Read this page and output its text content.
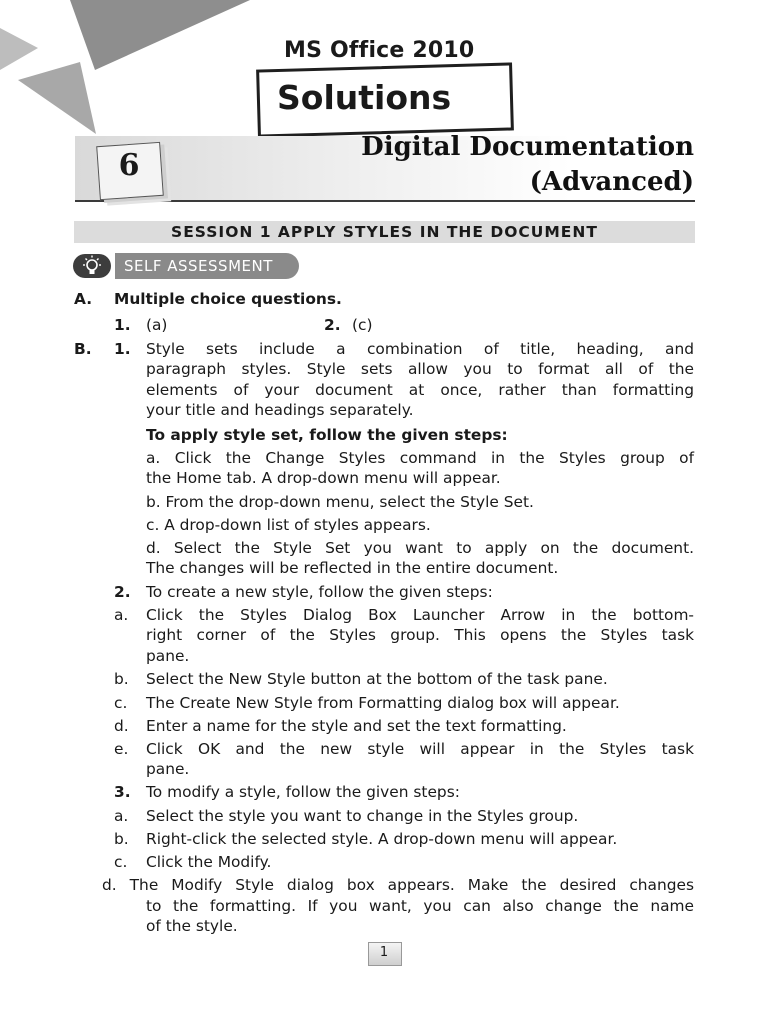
MS Office 2010
Solutions
6
Digital Documentation
(Advanced)
SESSION 1 APPLY STYLES IN THE DOCUMENT
SELF ASSESSMENT
A. Multiple choice questions.
1. (a)	2. (c)
B. 1. Style sets include a combination of title, heading, and
paragraph styles. Style sets allow you to format all of the
elements of your document at once, rather than formatting
your title and headings separately.
To apply style set, follow the given steps:
a. Click the Change Styles command in the Styles group of
the Home tab. A drop-down menu will appear.
b. From the drop-down menu, select the Style Set.
c. A drop-down list of styles appears.
d. Select the Style Set you want to apply on the document.
The changes will be reflected in the entire document.
2. To create a new style, follow the given steps:
a. Click the Styles Dialog Box Launcher Arrow in the bottom-
right corner of the Styles group. This opens the Styles task
pane.
b. Select the New Style button at the bottom of the task pane.
c. The Create New Style from Formatting dialog box will appear.
d. Enter a name for the style and set the text formatting.
e. Click OK and the new style will appear in the Styles task
pane.
3. To modify a style, follow the given steps:
a. Select the style you want to change in the Styles group.
b. Right-click the selected style. A drop-down menu will appear.
c. Click the Modify.
d. The Modify Style dialog box appears. Make the desired changes
to the formatting. If you want, you can also change the name
of the style.
1
